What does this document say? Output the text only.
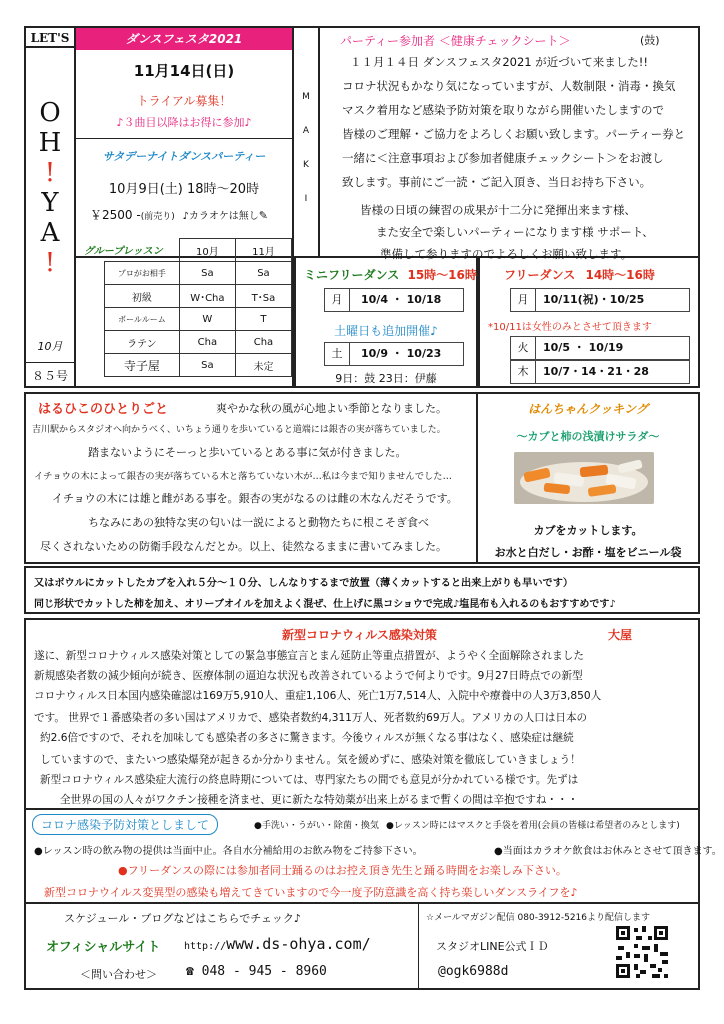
LET'S
O
H
!
Y
A
!
10月
８５号
ダンスフェスタ2021
11月14日(日)
トライアル募集！
♪３曲目以降はお得に参加♪
サタデーナイトダンスパーティー
10月9日(土) 18時～20時
￥2500 -(前売り) ♪カラオケは無し✎
グループレッスン
		10月	11月
プロがお相手	Sa	Sa
初級	W･Cha	T･Sa
ボールルーム	W	T
ラテン	Cha	Cha
寺子屋	Sa	未定
M
A
K
I
パーティー参加者 ＜健康チェックシート＞	(鼓)
１１月１４日 ダンスフェスタ2021 が近づいて来ました!!
コロナ状況もかなり気になっていますが、人数制限・消毒・換気
マスク着用など感染予防対策を取りながら開催いたしますので
皆様のご理解・ご協力をよろしくお願い致します。パーティー券と
一緒に＜注意事項および参加者健康チェックシート＞をお渡し
致します。事前にご一読・ご記入頂き、当日お持ち下さい。
皆様の日頃の練習の成果が十二分に発揮出来ます様、
また安全で楽しいパーティーになります様 サポート、
準備して参りますのでよろしくお願い致します。
ミニフリーダンス 15時～16時
月	10/4 ・ 10/18
土曜日も追加開催♪
土	10/9 ・ 10/23
9日：鼓 23日：伊藤
フリーダンス 14時～16時
月	10/11(祝)・10/25
*10/11は女性のみとさせて頂きます
火	10/5 ・ 10/19
木	10/7・14・21・28
はるひこのひとりごと	爽やかな秋の風が心地よい季節となりました。
吉川駅からスタジオへ向かうべく、いちょう通りを歩いていると道端には銀杏の実が落ちていました。
踏まないようにそーっと歩いているとある事に気が付きました。
イチョウの木によって銀杏の実が落ちている木と落ちていない木が…私は今まで知りませんでした…
イチョウの木には雄と雌がある事を。銀杏の実がなるのは雌の木なんだそうです。
ちなみにあの独特な実の匂いは一説によると動物たちに根こそぎ食べ
尽くされないための防衛手段なんだとか。以上、徒然なるままに書いてみました。
はんちゃんクッキング
～カブと柿の浅漬けサラダ～
カブをカットします。
お水と白だし・お酢・塩をビニール袋
又はボウルにカットしたカブを入れ５分～１０分、しんなりするまで放置（薄くカットすると出来上がりも早いです）
同じ形状でカットした柿を加え、オリーブオイルを加えよく混ぜ、仕上げに黒コショウで完成♪塩昆布も入れるのもおすすめです♪
新型コロナウィルス感染対策	大屋
遂に、新型コロナウィルス感染対策としての緊急事態宣言とまん延防止等重点措置が、ようやく全面解除されました
新規感染者数の減少傾向が続き、医療体制の逼迫な状況も改善されているようで何よりです。9月27日時点での新型
コロナウィルス日本国内感染確認は169万5,910人、重症1,106人、死亡1万7,514人、入院中や療養中の人3万3,850人
です。 世界で１番感染者の多い国はアメリカで、感染者数約4,311万人、死者数約69万人。アメリカの人口は日本の
約2.6倍ですので、それを加味しても感染者の多さに驚きます。今後ウィルスが無くなる事はなく、感染症は継続
していますので、またいつ感染爆発が起きるか分かりません。気を緩めずに、感染対策を徹底していきましょう！
新型コロナウィルス感染症大流行の終息時期については、専門家たちの間でも意見が分かれている様です。先ずは
全世界の国の人々がワクチン接種を済ませ、更に新たな特効薬が出来上がるまで暫くの間は辛抱ですね・・・
コロナ感染予防対策としまして	●手洗い・うがい・除菌・換気 ●レッスン時にはマスクと手袋を着用(会員の皆様は希望者のみとします)
●レッスン時の飲み物の提供は当面中止。各自水分補給用のお飲み物をご持参下さい。	●当面はカラオケ飲食はお休みとさせて頂きます。
●フリーダンスの際には参加者同士踊るのはお控え頂き先生と踊る時間をお楽しみ下さい。
新型コロナウイルス変異型の感染も増えてきていますので今一度予防意識を高く持ち楽しいダンスライフを♪
スケジュール・ブログなどはこちらでチェック♪
オフィシャルサイト http://www.ds-ohya.com/
＜問い合わせ＞ ☎ 048 - 945 - 8960
☆メールマガジン配信 080-3912-5216より配信します
スタジオLINE公式ＩＤ
@ogk6988d
